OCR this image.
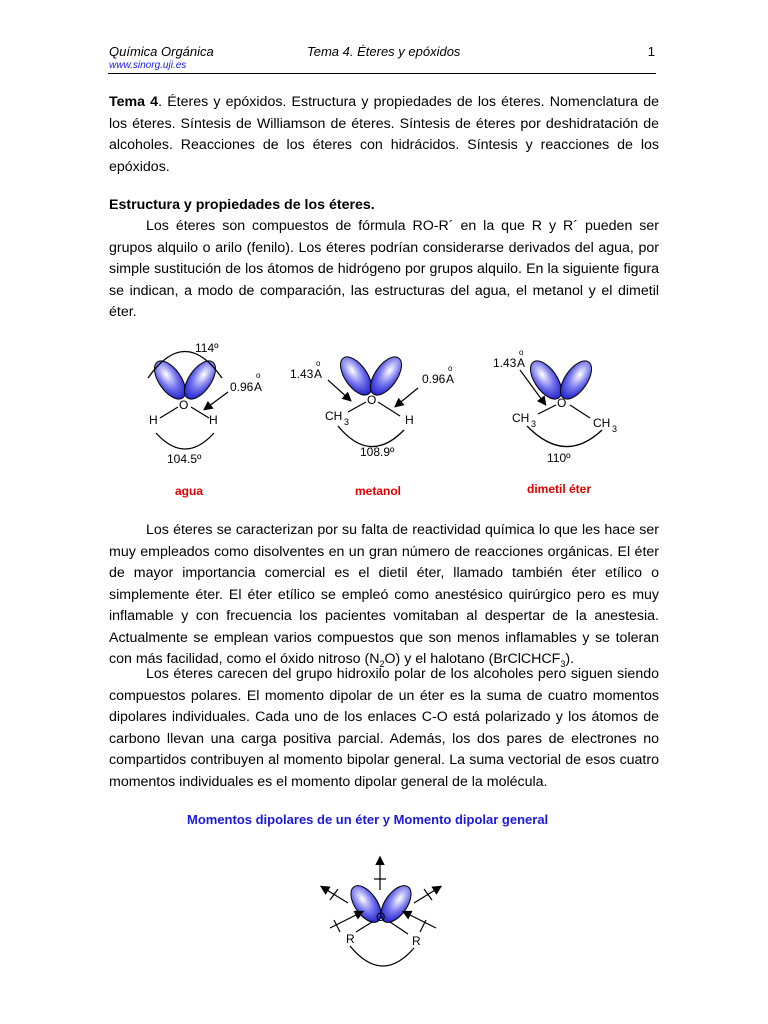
Química Orgánica
www.sinorg.uji.es
Tema 4. Éteres y epóxidos	1

Tema 4. Éteres y epóxidos. Estructura y propiedades de los éteres. Nomenclatura de los éteres. Síntesis de Williamson de éteres. Síntesis de éteres por deshidratación de alcoholes. Reacciones de los éteres con hidrácidos. Síntesis y reacciones de los epóxidos.

Estructura y propiedades de los éteres.

Los éteres son compuestos de fórmula RO-R´ en la que R y R´ pueden ser grupos alquilo o arilo (fenilo). Los éteres podrían considerarse derivados del agua, por simple sustitución de los átomos de hidrógeno por grupos alquilo. En la siguiente figura se indican, a modo de comparación, las estructuras del agua, el metanol y el dimetil éter.

114º
O
H	H
0.96 A
o
104.5º
1.43 A
o
0.96 A
o
O
CH 3	H
108.9º
1.43 A
o
O
CH 3	CH 3
110º
O
R	R
agua	metanol	dimetil éter

Los éteres se caracterizan por su falta de reactividad química lo que les hace ser muy empleados como disolventes en un gran número de reacciones orgánicas. El éter de mayor importancia comercial es el dietil éter, llamado también éter etílico o simplemente éter. El éter etílico se empleó como anestésico quirúrgico pero es muy inflamable y con frecuencia los pacientes vomitaban al despertar de la anestesia. Actualmente se emplean varios compuestos que son menos inflamables y se toleran con más facilidad, como el óxido nitroso $(N_2O)$ y el halotano (BrClCHCF$_3$).

Los éteres carecen del grupo hidroxilo polar de los alcoholes pero siguen siendo compuestos polares. El momento dipolar de un éter es la suma de cuatro momentos dipolares individuales. Cada uno de los enlaces C-O está polarizado y los átomos de carbono llevan una carga positiva parcial. Además, los dos pares de electrones no compartidos contribuyen al momento bipolar general. La suma vectorial de esos cuatro momentos individuales es el momento dipolar general de la molécula.

Momentos dipolares de un éter y Momento dipolar general
